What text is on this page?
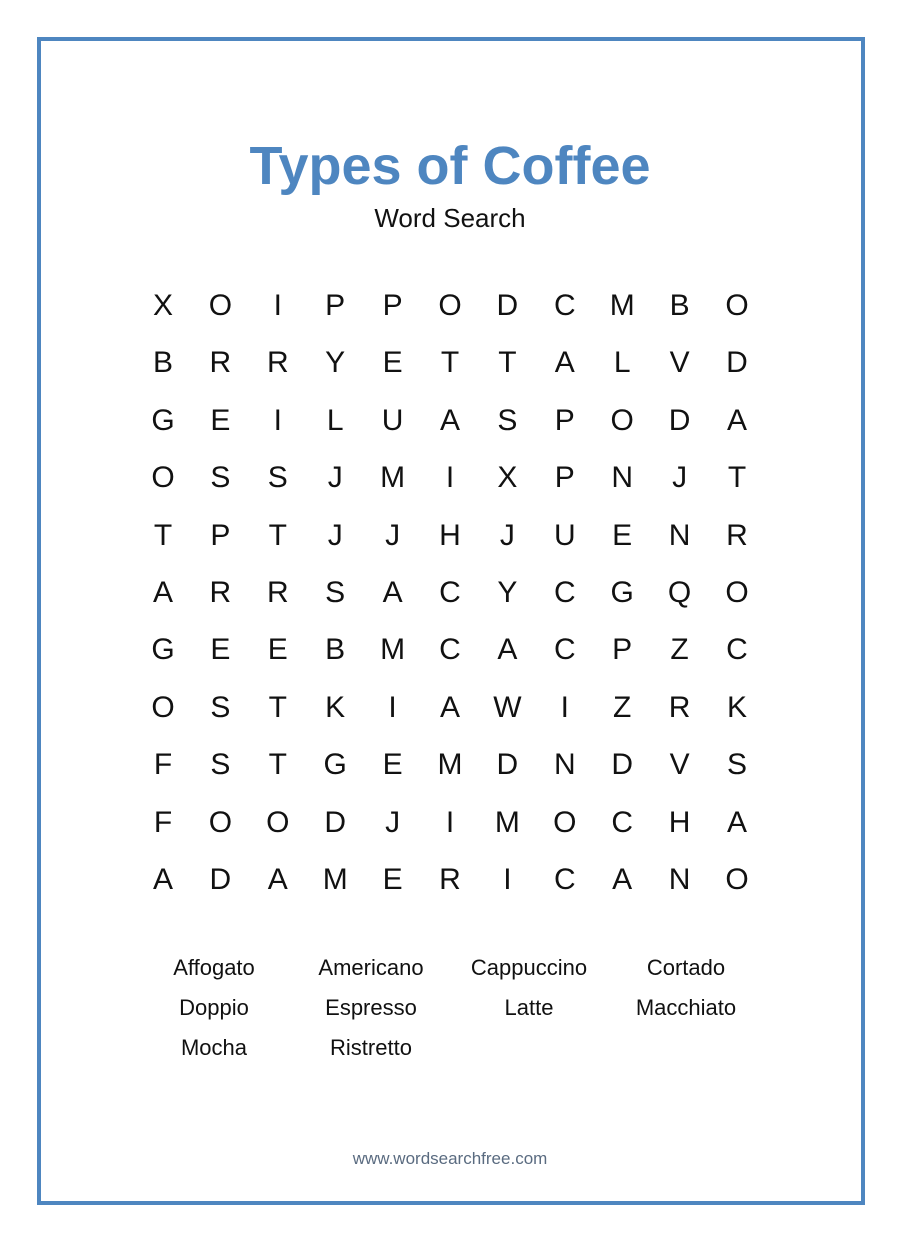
Types of Coffee
Word Search
X	O	I	P	P	O	D	C	M	B	O
B	R	R	Y	E	T	T	A	L	V	D
G	E	I	L	U	A	S	P	O	D	A
O	S	S	J	M	I	X	P	N	J	T
T	P	T	J	J	H	J	U	E	N	R
A	R	R	S	A	C	Y	C	G	Q	O
G	E	E	B	M	C	A	C	P	Z	C
O	S	T	K	I	A	W	I	Z	R	K
F	S	T	G	E	M	D	N	D	V	S
F	O	O	D	J	I	M	O	C	H	A
A	D	A	M	E	R	I	C	A	N	O
Affogato	Americano	Cappuccino	Cortado
Doppio	Espresso	Latte	Macchiato
Mocha	Ristretto
www.wordsearchfree.com
